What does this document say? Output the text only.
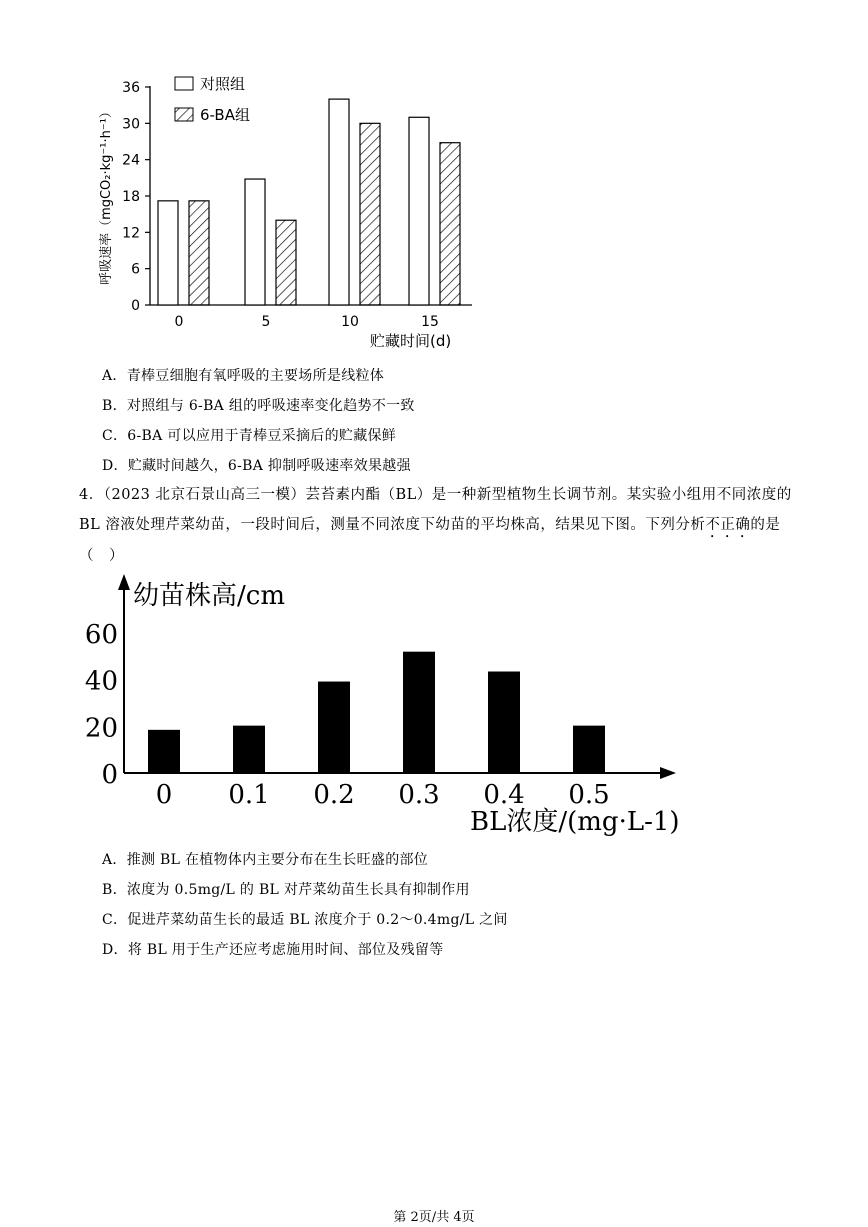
0
6
12
18
24
30
36
0	5	10	15
对照组
6-BA组
呼吸速率（mgCO₂·kg⁻¹·h⁻¹）
贮藏时间(d)
A．青棒豆细胞有氧呼吸的主要场所是线粒体
B．对照组与 6-BA 组的呼吸速率变化趋势不一致
C．6-BA 可以应用于青棒豆采摘后的贮藏保鲜
D．贮藏时间越久，6-BA 抑制呼吸速率效果越强
4．（2023 北京石景山高三一模）芸苔素内酯（BL）是一种新型植物生长调节剂。某实验小组用不同浓度的 BL 溶液处理芹菜幼苗，一段时间后，测量不同浓度下幼苗的平均株高，结果见下图。下列分析不正确的是
（　）
0
20
40
60
0 0.1 0.2 0.3 0.4 0.5
幼苗株高/cm
BL浓度/(mg·L-1)
A．推测 BL 在植物体内主要分布在生长旺盛的部位
B．浓度为 0.5mg/L 的 BL 对芹菜幼苗生长具有抑制作用
C．促进芹菜幼苗生长的最适 BL 浓度介于 0.2～0.4mg/L 之间
D．将 BL 用于生产还应考虑施用时间、部位及残留等
第 2页/共 4页
